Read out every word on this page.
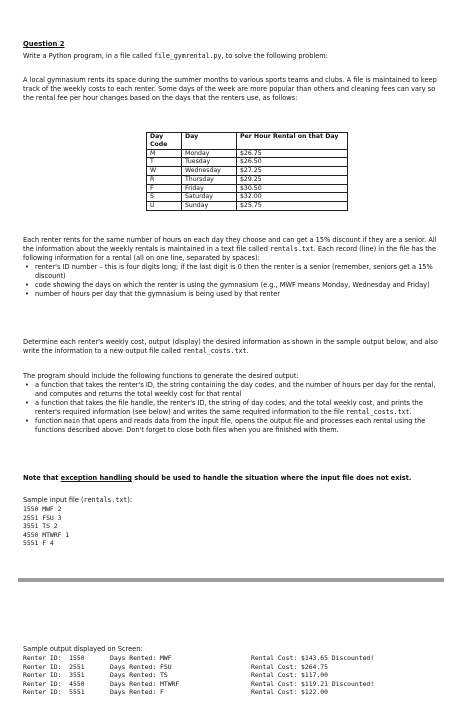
Question 2
Write a Python program, in a file called file_gymrental.py, to solve the following problem:
A local gymnasium rents its space during the summer months to various sports teams and clubs. A file is maintained to keep track of the weekly costs to each renter. Some days of the week are more popular than others and cleaning fees can vary so the rental fee per hour changes based on the days that the renters use, as follows:
Day Code	Day	Per Hour Rental on that Day
M	Monday	$26.75
T	Tuesday	$26.50
W	Wednesday	$27.25
R	Thursday	$29.25
F	Friday	$30.50
S	Saturday	$32.00
U	Sunday	$25.75
Each renter rents for the same number of hours on each day they choose and can get a 15% discount if they are a senior. All the information about the weekly rentals is maintained in a text file called rentals.txt. Each record (line) in the file has the following information for a rental (all on one line, separated by spaces):
• renter's ID number – this is four digits long; if the last digit is 0 then the renter is a senior (remember, seniors get a 15% discount)
• code showing the days on which the renter is using the gymnasium (e.g., MWF means Monday, Wednesday and Friday)
• number of hours per day that the gymnasium is being used by that renter
Determine each renter's weekly cost, output (display) the desired information as shown in the sample output below, and also write the information to a new output file called rental_costs.txt.
The program should include the following functions to generate the desired output:
• a function that takes the renter's ID, the string containing the day codes, and the number of hours per day for the rental, and computes and returns the total weekly cost for that rental
• a function that takes the file handle, the renter's ID, the string of day codes, and the total weekly cost, and prints the renter's required information (see below) and writes the same required information to the file rental_costs.txt.
• function main that opens and reads data from the input file, opens the output file and processes each rental using the functions described above. Don't forget to close both files when you are finished with them.
Note that exception handling should be used to handle the situation where the input file does not exist.
Sample input file (rentals.txt):
1550 MWF 2
2551 FSU 3
3551 TS 2
4550 MTWRF 1
5551 F 4
Sample output displayed on Screen:
Renter ID:  1550	Days Rented: MWF	Rental Cost: $143.65 Discounted!
Renter ID:  2551	Days Rented: FSU	Rental Cost: $264.75
Renter ID:  3551	Days Rented: TS	Rental Cost: $117.00
Renter ID:  4550	Days Rented: MTWRF	Rental Cost: $119.21 Discounted!
Renter ID:  5551	Days Rented: F	Rental Cost: $122.00
